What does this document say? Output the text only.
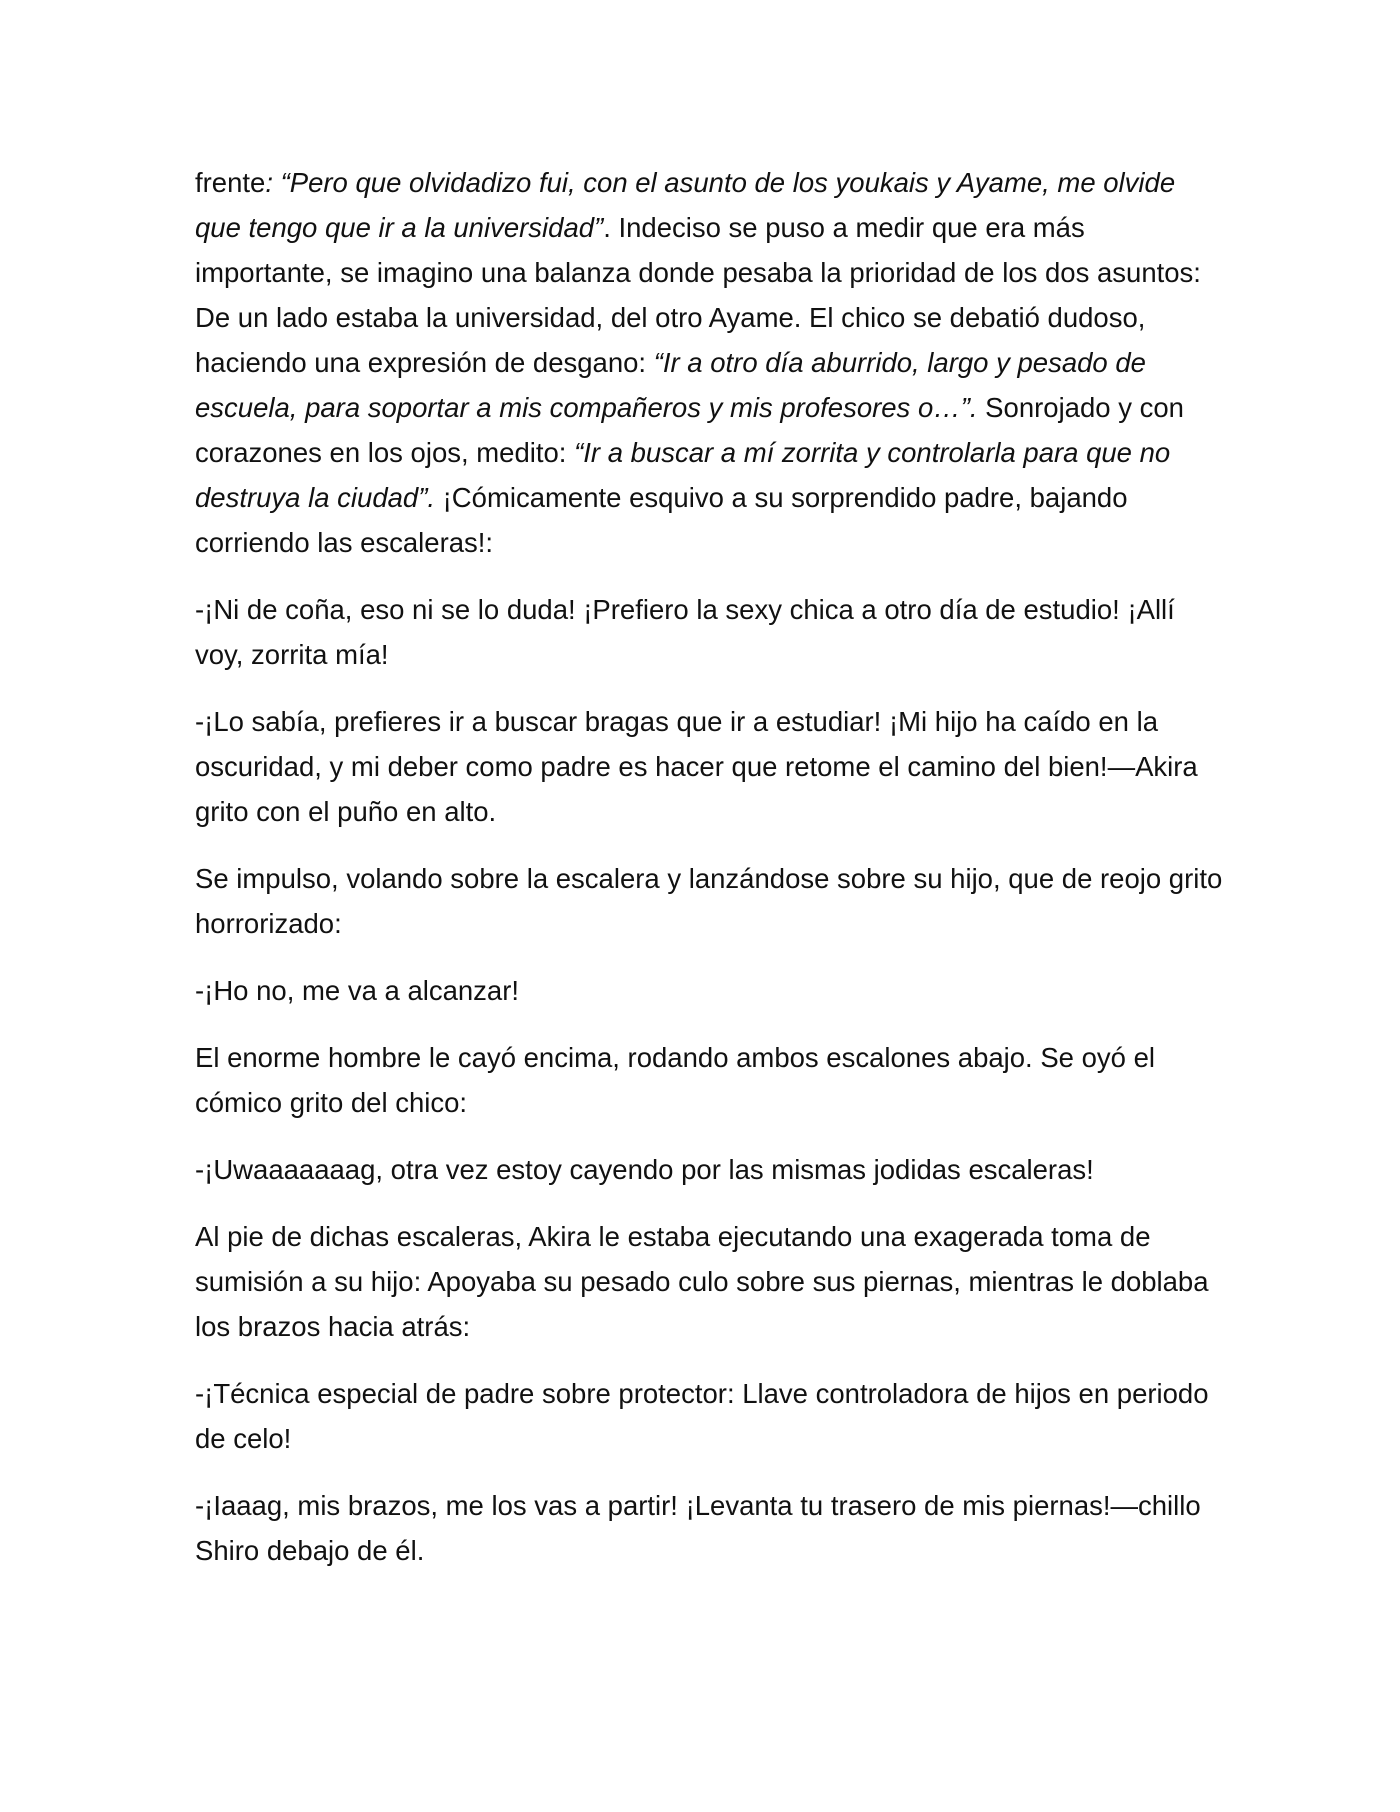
frente: “Pero que olvidadizo fui, con el asunto de los youkais y Ayame, me olvide que tengo que ir a la universidad”. Indeciso se puso a medir que era más importante, se imagino una balanza donde pesaba la prioridad de los dos asuntos: De un lado estaba la universidad, del otro Ayame. El chico se debatió dudoso, haciendo una expresión de desgano: “Ir a otro día aburrido, largo y pesado de escuela, para soportar a mis compañeros y mis profesores o…”. Sonrojado y con corazones en los ojos, medito: “Ir a buscar a mí zorrita y controlarla para que no destruya la ciudad”. ¡Cómicamente esquivo a su sorprendido padre, bajando corriendo las escaleras!:

-¡Ni de coña, eso ni se lo duda! ¡Prefiero la sexy chica a otro día de estudio! ¡Allí voy, zorrita mía!

-¡Lo sabía, prefieres ir a buscar bragas que ir a estudiar! ¡Mi hijo ha caído en la oscuridad, y mi deber como padre es hacer que retome el camino del bien!—Akira grito con el puño en alto.

Se impulso, volando sobre la escalera y lanzándose sobre su hijo, que de reojo grito horrorizado:

-¡Ho no, me va a alcanzar!

El enorme hombre le cayó encima, rodando ambos escalones abajo. Se oyó el cómico grito del chico:

-¡Uwaaaaaaag, otra vez estoy cayendo por las mismas jodidas escaleras!

Al pie de dichas escaleras, Akira le estaba ejecutando una exagerada toma de sumisión a su hijo: Apoyaba su pesado culo sobre sus piernas, mientras le doblaba los brazos hacia atrás:

-¡Técnica especial de padre sobre protector: Llave controladora de hijos en periodo de celo!

-¡Iaaag, mis brazos, me los vas a partir! ¡Levanta tu trasero de mis piernas!—chillo Shiro debajo de él.
